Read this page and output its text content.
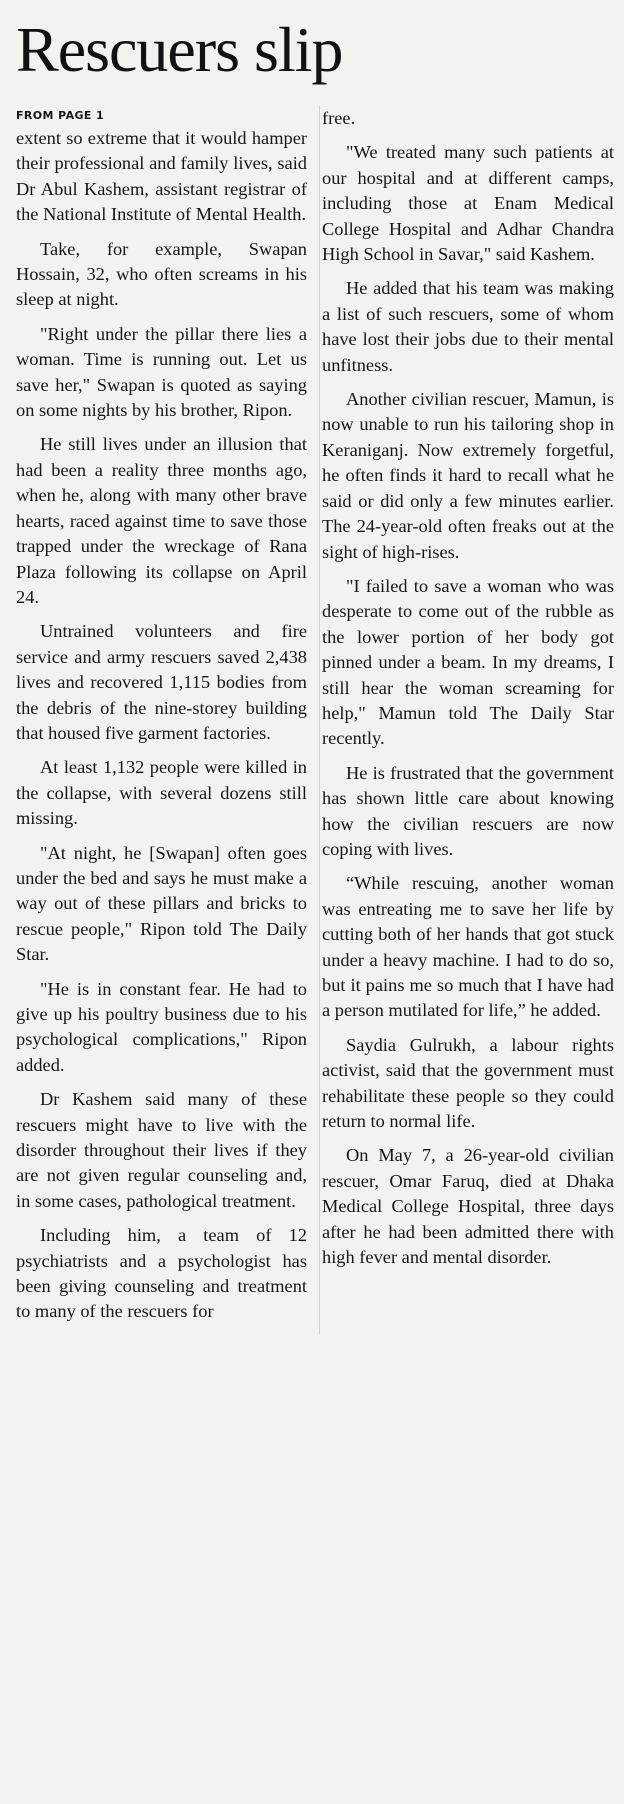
Rescuers slip
FROM PAGE 1

extent so extreme that it would hamper their professional and family lives, said Dr Abul Kashem, assistant registrar of the National Institute of Mental Health.

Take, for example, Swapan Hossain, 32, who often screams in his sleep at night.

"Right under the pillar there lies a woman. Time is running out. Let us save her," Swapan is quoted as saying on some nights by his brother, Ripon.

He still lives under an illusion that had been a reality three months ago, when he, along with many other brave hearts, raced against time to save those trapped under the wreckage of Rana Plaza following its collapse on April 24.

Untrained volunteers and fire service and army rescuers saved 2,438 lives and recovered 1,115 bodies from the debris of the nine-storey building that housed five garment factories.

At least 1,132 people were killed in the collapse, with several dozens still missing.

"At night, he [Swapan] often goes under the bed and says he must make a way out of these pillars and bricks to rescue people," Ripon told The Daily Star.

"He is in constant fear. He had to give up his poultry business due to his psychological complications," Ripon added.

Dr Kashem said many of these rescuers might have to live with the disorder throughout their lives if they are not given regular counseling and, in some cases, pathological treatment.

Including him, a team of 12 psychiatrists and a psychologist has been giving counseling and treatment to many of the rescuers for

free.

"We treated many such patients at our hospital and at different camps, including those at Enam Medical College Hospital and Adhar Chandra High School in Savar," said Kashem.

He added that his team was making a list of such rescuers, some of whom have lost their jobs due to their mental unfitness.

Another civilian rescuer, Mamun, is now unable to run his tailoring shop in Keraniganj. Now extremely forgetful, he often finds it hard to recall what he said or did only a few minutes earlier. The 24-year-old often freaks out at the sight of high-rises.

"I failed to save a woman who was desperate to come out of the rubble as the lower portion of her body got pinned under a beam. In my dreams, I still hear the woman screaming for help," Mamun told The Daily Star recently.

He is frustrated that the government has shown little care about knowing how the civilian rescuers are now coping with lives.

“While rescuing, another woman was entreating me to save her life by cutting both of her hands that got stuck under a heavy machine. I had to do so, but it pains me so much that I have had a person mutilated for life,” he added.

Saydia Gulrukh, a labour rights activist, said that the government must rehabilitate these people so they could return to normal life.

On May 7, a 26-year-old civilian rescuer, Omar Faruq, died at Dhaka Medical College Hospital, three days after he had been admitted there with high fever and mental disorder.
